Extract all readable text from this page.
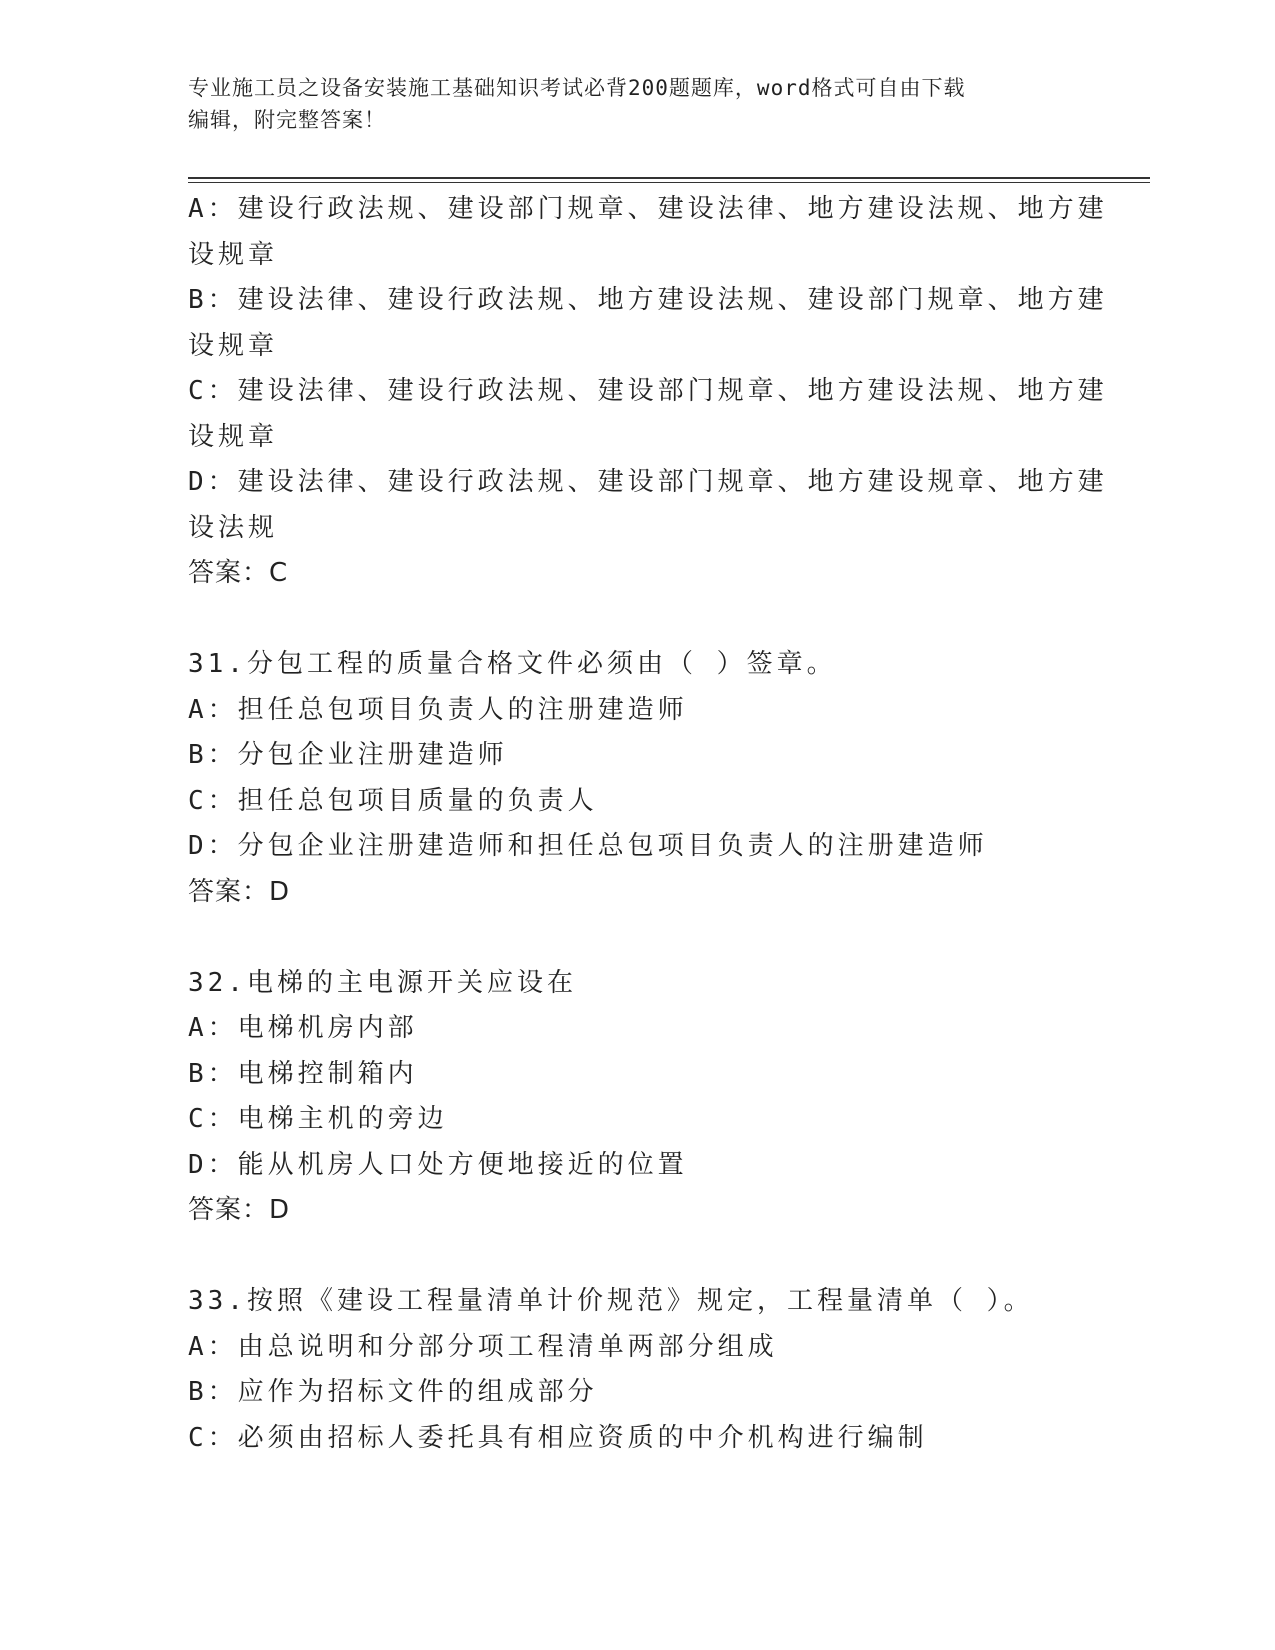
专业施工员之设备安装施工基础知识考试必背200题题库，word格式可自由下载
编辑，附完整答案！
A：建设行政法规、建设部门规章、建设法律、地方建设法规、地方建
设规章
B：建设法律、建设行政法规、地方建设法规、建设部门规章、地方建
设规章
C：建设法律、建设行政法规、建设部门规章、地方建设法规、地方建
设规章
D：建设法律、建设行政法规、建设部门规章、地方建设规章、地方建
设法规
答案：C
31.分包工程的质量合格文件必须由（ ）签章。
A：担任总包项目负责人的注册建造师
B：分包企业注册建造师
C：担任总包项目质量的负责人
D：分包企业注册建造师和担任总包项目负责人的注册建造师
答案：D
32.电梯的主电源开关应设在
A：电梯机房内部
B：电梯控制箱内
C：电梯主机的旁边
D：能从机房人口处方便地接近的位置
答案：D
33.按照《建设工程量清单计价规范》规定，工程量清单（ ）。
A：由总说明和分部分项工程清单两部分组成
B：应作为招标文件的组成部分
C：必须由招标人委托具有相应资质的中介机构进行编制
